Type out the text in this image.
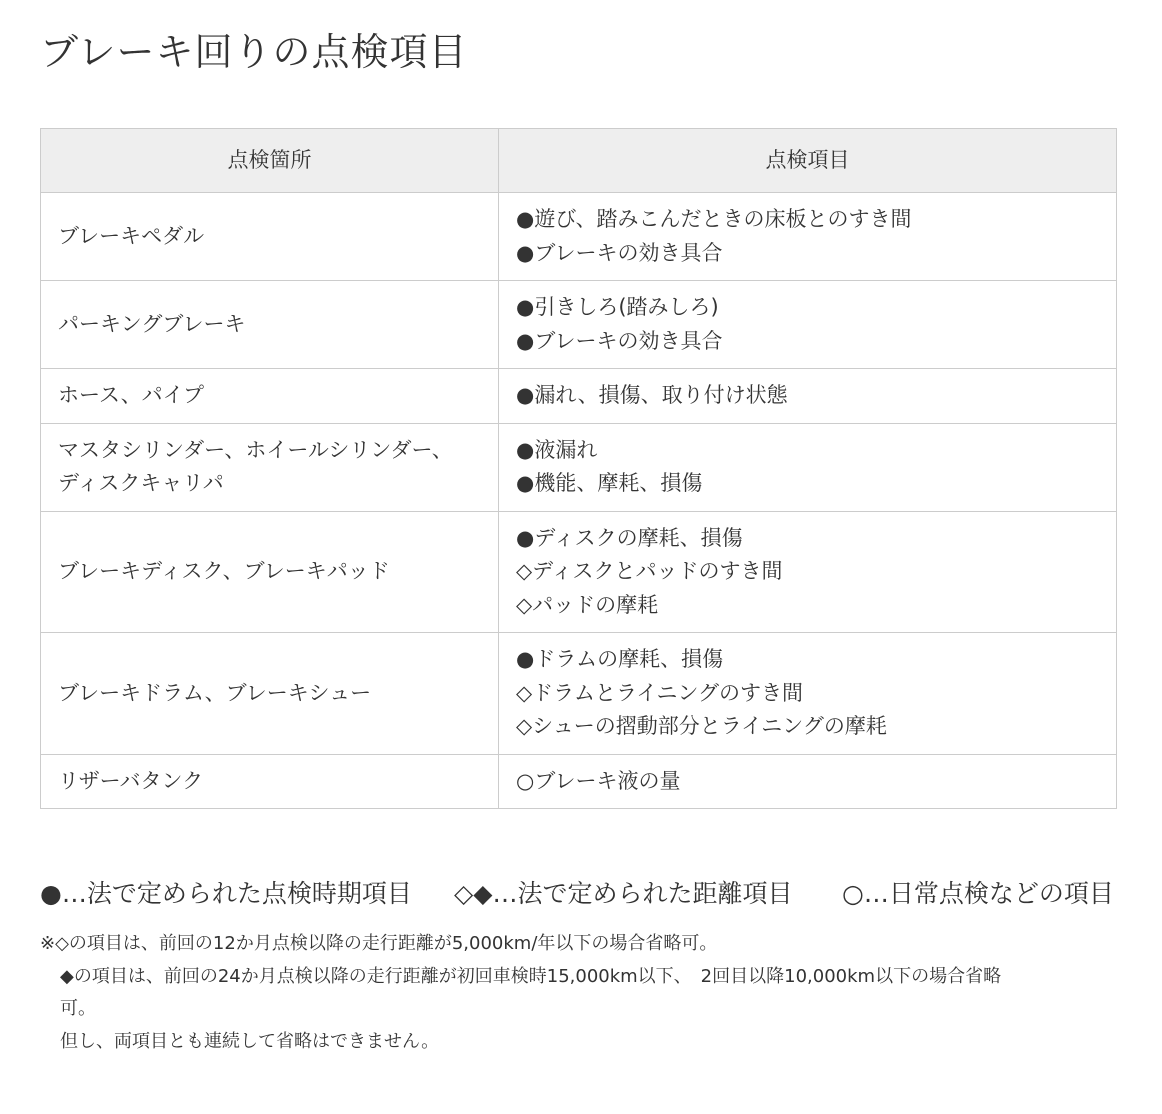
ブレーキ回りの点検項目
点検箇所	点検項目

ブレーキペダル	●遊び、踏みこんだときの床板とのすき間
●ブレーキの効き具合

パーキングブレーキ	●引きしろ(踏みしろ)
●ブレーキの効き具合

ホース、パイプ	●漏れ、損傷、取り付け状態

マスタシリンダー、ホイールシリンダー、
ディスクキャリパ	●液漏れ
●機能、摩耗、損傷

ブレーキディスク、ブレーキパッド	●ディスクの摩耗、損傷
◇ディスクとパッドのすき間
◇パッドの摩耗

ブレーキドラム、ブレーキシュー	●ドラムの摩耗、損傷
◇ドラムとライニングのすき間
◇シューの摺動部分とライニングの摩耗

リザーバタンク	○ブレーキ液の量
●…法で定められた点検時期項目 ◇◆…法で定められた距離項目 ○…日常点検などの項目
※◇の項目は、前回の12か月点検以降の走行距離が5,000km/年以下の場合省略可。
◆の項目は、前回の24か月点検以降の走行距離が初回車検時15,000km以下、　2回目以降10,000km以下の場合省略
可。
但し、両項目とも連続して省略はできません。
